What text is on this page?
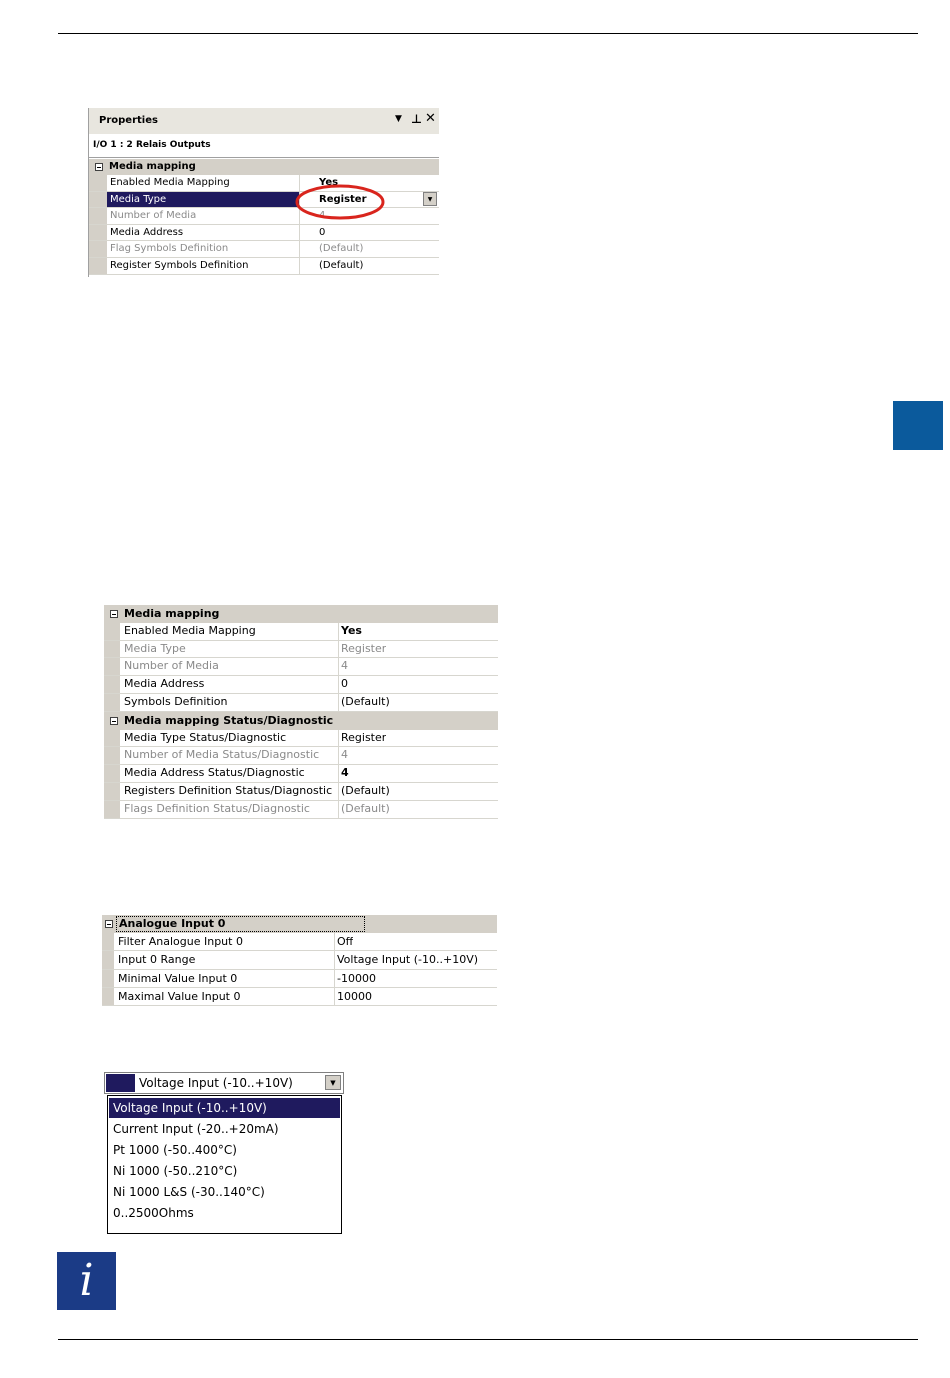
Properties	▼ ⊥ ✕
I/O 1 : 2 Relais Outputs
Media mapping
Enabled Media Mapping	Yes
Media Type	Register	▼
Number of Media	4
Media Address	0
Flag Symbols Definition	(Default)
Register Symbols Definition	(Default)
Media mapping
Enabled Media Mapping	Yes
Media Type	Register
Number of Media	4
Media Address	0
Symbols Definition	(Default)
Media mapping Status/Diagnostic
Media Type Status/Diagnostic	Register
Number of Media Status/Diagnostic	4
Media Address Status/Diagnostic	4
Registers Definition Status/Diagnostic (Default)
Flags Definition Status/Diagnostic	(Default)
Analogue Input 0
Filter Analogue Input 0	Off
Input 0 Range	Voltage Input (-10..+10V)
Minimal Value Input 0	-10000
Maximal Value Input 0	10000
Voltage Input (-10..+10V)	▼
Voltage Input (-10..+10V)
Current Input (-20..+20mA)
Pt 1000 (-50..400°C)
Ni 1000 (-50..210°C)
Ni 1000 L&S (-30..140°C)
0..2500Ohms
i
